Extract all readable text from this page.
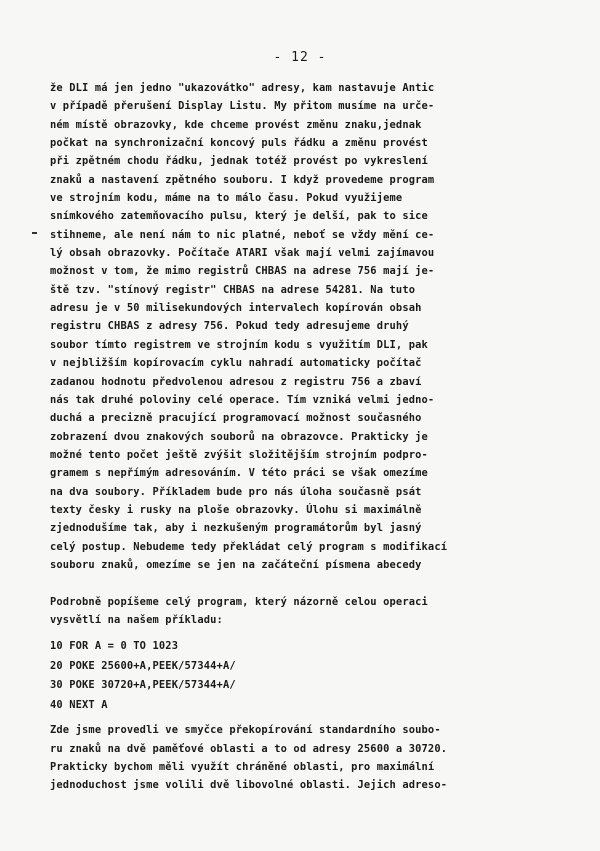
- 12 -
že DLI má jen jedno "ukazovátko" adresy, kam nastavuje Antic
v případě přerušení Display Listu. My přitom musíme na urče-
ném místě obrazovky, kde chceme provést změnu znaku,jednak
počkat na synchronizační koncový puls řádku a změnu provést
při zpětném chodu řádku, jednak totéž provést po vykreslení
znaků a nastavení zpětného souboru. I když provedeme program
ve strojním kodu, máme na to málo času. Pokud využijeme
snímkového zatemňovacího pulsu, který je delší, pak to sice
stihneme, ale není nám to nic platné, neboť se vždy mění ce-
lý obsah obrazovky. Počítače ATARI však mají velmi zajímavou
možnost v tom, že mimo registrů CHBAS na adrese 756 mají je-
ště tzv. "stínový registr" CHBAS na adrese 54281. Na tuto
adresu je v 50 milisekundových intervalech kopírován obsah
registru CHBAS z adresy 756. Pokud tedy adresujeme druhý
soubor tímto registrem ve strojním kodu s využitím DLI, pak
v nejbližším kopírovacím cyklu nahradí automaticky počítač
zadanou hodnotu předvolenou adresou z registru 756 a zbaví
nás tak druhé poloviny celé operace. Tím vzniká velmi jedno-
duchá a precizně pracující programovací možnost současného
zobrazení dvou znakových souborů na obrazovce. Prakticky je
možné tento počet ještě zvýšit složitějším strojním podpro-
gramem s nepřímým adresováním. V této práci se však omezíme
na dva soubory. Příkladem bude pro nás úloha současně psát
texty česky i rusky na ploše obrazovky. Úlohu si maximálně
zjednodušíme tak, aby i nezkušeným programátorům byl jasný
celý postup. Nebudeme tedy překládat celý program s modifikací
souboru znaků, omezíme se jen na začáteční písmena abecedy

Podrobně popíšeme celý program, který názorně celou operaci
vysvětlí na našem příkladu:
10 FOR A = 0 TO 1023
20 POKE 25600+A,PEEK/57344+A/
30 POKE 30720+A,PEEK/57344+A/
40 NEXT A
Zde jsme provedli ve smyčce překopírování standardního soubo-
ru znaků na dvě paměťové oblasti a to od adresy 25600 a 30720.
Prakticky bychom měli využít chráněné oblasti, pro maximální
jednoduchost jsme volili dvě libovolné oblasti. Jejich adreso-
